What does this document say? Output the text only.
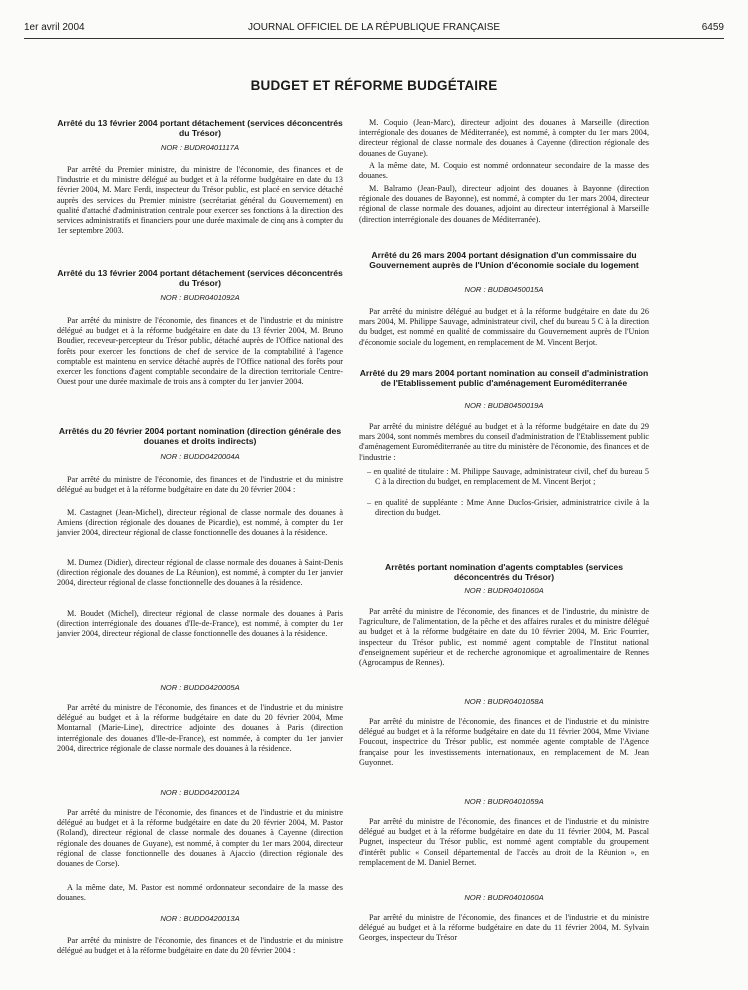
1er avril 2004	JOURNAL OFFICIEL DE LA RÉPUBLIQUE FRANÇAISE	6459
BUDGET ET RÉFORME BUDGÉTAIRE
Arrêté du 13 février 2004 portant détachement (services déconcentrés du Trésor)
NOR : BUDR0401117A
Par arrêté du Premier ministre, du ministre de l'économie, des finances et de l'industrie et du ministre délégué au budget et à la réforme budgétaire en date du 13 février 2004, M. Marc Ferdi, inspecteur du Trésor public, est placé en service détaché auprès des services du Premier ministre (secrétariat général du Gouvernement) en qualité d'attaché d'administration centrale pour exercer ses fonctions à la direction des services administratifs et financiers pour une durée maximale de cinq ans à compter du 1er septembre 2003.
Arrêté du 13 février 2004 portant détachement (services déconcentrés du Trésor)
NOR : BUDR0401092A
Par arrêté du ministre de l'économie, des finances et de l'industrie et du ministre délégué au budget et à la réforme budgétaire en date du 13 février 2004, M. Bruno Boudier, receveur-percepteur du Trésor public, détaché auprès de l'Office national des forêts pour exercer les fonctions de chef de service de la comptabilité à l'agence comptable est maintenu en service détaché auprès de l'Office national des forêts pour exercer les fonctions d'agent comptable secondaire de la direction territoriale Centre-Ouest pour une durée maximale de trois ans à compter du 1er janvier 2004.
Arrêtés du 20 février 2004 portant nomination (direction générale des douanes et droits indirects)
NOR : BUDD0420004A
Par arrêté du ministre de l'économie, des finances et de l'industrie et du ministre délégué au budget et à la réforme budgétaire en date du 20 février 2004 :
M. Castagnet (Jean-Michel), directeur régional de classe normale des douanes à Amiens (direction régionale des douanes de Picardie), est nommé, à compter du 1er janvier 2004, directeur régional de classe fonctionnelle des douanes à la résidence.
M. Dumez (Didier), directeur régional de classe normale des douanes à Saint-Denis (direction régionale des douanes de La Réunion), est nommé, à compter du 1er janvier 2004, directeur régional de classe fonctionnelle des douanes à la résidence.
M. Boudet (Michel), directeur régional de classe normale des douanes à Paris (direction interrégionale des douanes d'Ile-de-France), est nommé, à compter du 1er janvier 2004, directeur régional de classe fonctionnelle des douanes à la résidence.
NOR : BUDD0420005A
Par arrêté du ministre de l'économie, des finances et de l'industrie et du ministre délégué au budget et à la réforme budgétaire en date du 20 février 2004, Mme Montarnal (Marie-Line), directrice adjointe des douanes à Paris (direction interrégionale des douanes d'Ile-de-France), est nommée, à compter du 1er janvier 2004, directrice régionale de classe normale des douanes à la résidence.
NOR : BUDD0420012A
Par arrêté du ministre de l'économie, des finances et de l'industrie et du ministre délégué au budget et à la réforme budgétaire en date du 20 février 2004, M. Pastor (Roland), directeur régional de classe normale des douanes à Cayenne (direction régionale des douanes de Guyane), est nommé, à compter du 1er mars 2004, directeur régional de classe fonctionnelle des douanes à Ajaccio (direction régionale des douanes de Corse).
A la même date, M. Pastor est nommé ordonnateur secondaire de la masse des douanes.
NOR : BUDD0420013A
Par arrêté du ministre de l'économie, des finances et de l'industrie et du ministre délégué au budget et à la réforme budgétaire en date du 20 février 2004 :
M. Coquio (Jean-Marc), directeur adjoint des douanes à Marseille (direction interrégionale des douanes de Méditerranée), est nommé, à compter du 1er mars 2004, directeur régional de classe normale des douanes à Cayenne (direction régionale des douanes de Guyane).
A la même date, M. Coquio est nommé ordonnateur secondaire de la masse des douanes.
M. Balramo (Jean-Paul), directeur adjoint des douanes à Bayonne (direction régionale des douanes de Bayonne), est nommé, à compter du 1er mars 2004, directeur régional de classe normale des douanes, adjoint au directeur interrégional à Marseille (direction interrégionale des douanes de Méditerranée).
Arrêté du 26 mars 2004 portant désignation d'un commissaire du Gouvernement auprès de l'Union d'économie sociale du logement
NOR : BUDB0450015A
Par arrêté du ministre délégué au budget et à la réforme budgétaire en date du 26 mars 2004, M. Philippe Sauvage, administrateur civil, chef du bureau 5 C à la direction du budget, est nommé en qualité de commissaire du Gouvernement auprès de l'Union d'économie sociale du logement, en remplacement de M. Vincent Berjot.
Arrêté du 29 mars 2004 portant nomination au conseil d'administration de l'Etablissement public d'aménagement Euroméditerranée
NOR : BUDB0450019A
Par arrêté du ministre délégué au budget et à la réforme budgétaire en date du 29 mars 2004, sont nommés membres du conseil d'administration de l'Etablissement public d'aménagement Euroméditerranée au titre du ministère de l'économie, des finances et de l'industrie :
– en qualité de titulaire : M. Philippe Sauvage, administrateur civil, chef du bureau 5 C à la direction du budget, en remplacement de M. Vincent Berjot ;
– en qualité de suppléante : Mme Anne Duclos-Grisier, administratrice civile à la direction du budget.
Arrêtés portant nomination d'agents comptables (services déconcentrés du Trésor)
NOR : BUDR0401060A
Par arrêté du ministre de l'économie, des finances et de l'industrie, du ministre de l'agriculture, de l'alimentation, de la pêche et des affaires rurales et du ministre délégué au budget et à la réforme budgétaire en date du 10 février 2004, M. Eric Fourrier, inspecteur du Trésor public, est nommé agent comptable de l'Institut national d'enseignement supérieur et de recherche agronomique et agroalimentaire de Rennes (Agrocampus de Rennes).
NOR : BUDR0401058A
Par arrêté du ministre de l'économie, des finances et de l'industrie et du ministre délégué au budget et à la réforme budgétaire en date du 11 février 2004, Mme Viviane Foucout, inspectrice du Trésor public, est nommée agente comptable de l'Agence française pour les investissements internationaux, en remplacement de M. Jean Guyonnet.
NOR : BUDR0401059A
Par arrêté du ministre de l'économie, des finances et de l'industrie et du ministre délégué au budget et à la réforme budgétaire en date du 11 février 2004, M. Pascal Pugnet, inspecteur du Trésor public, est nommé agent comptable du groupement d'intérêt public « Conseil départemental de l'accès au droit de la Réunion », en remplacement de M. Daniel Bernet.
NOR : BUDR0401060A
Par arrêté du ministre de l'économie, des finances et de l'industrie et du ministre délégué au budget et à la réforme budgétaire en date du 11 février 2004, M. Sylvain Georges, inspecteur du Trésor
